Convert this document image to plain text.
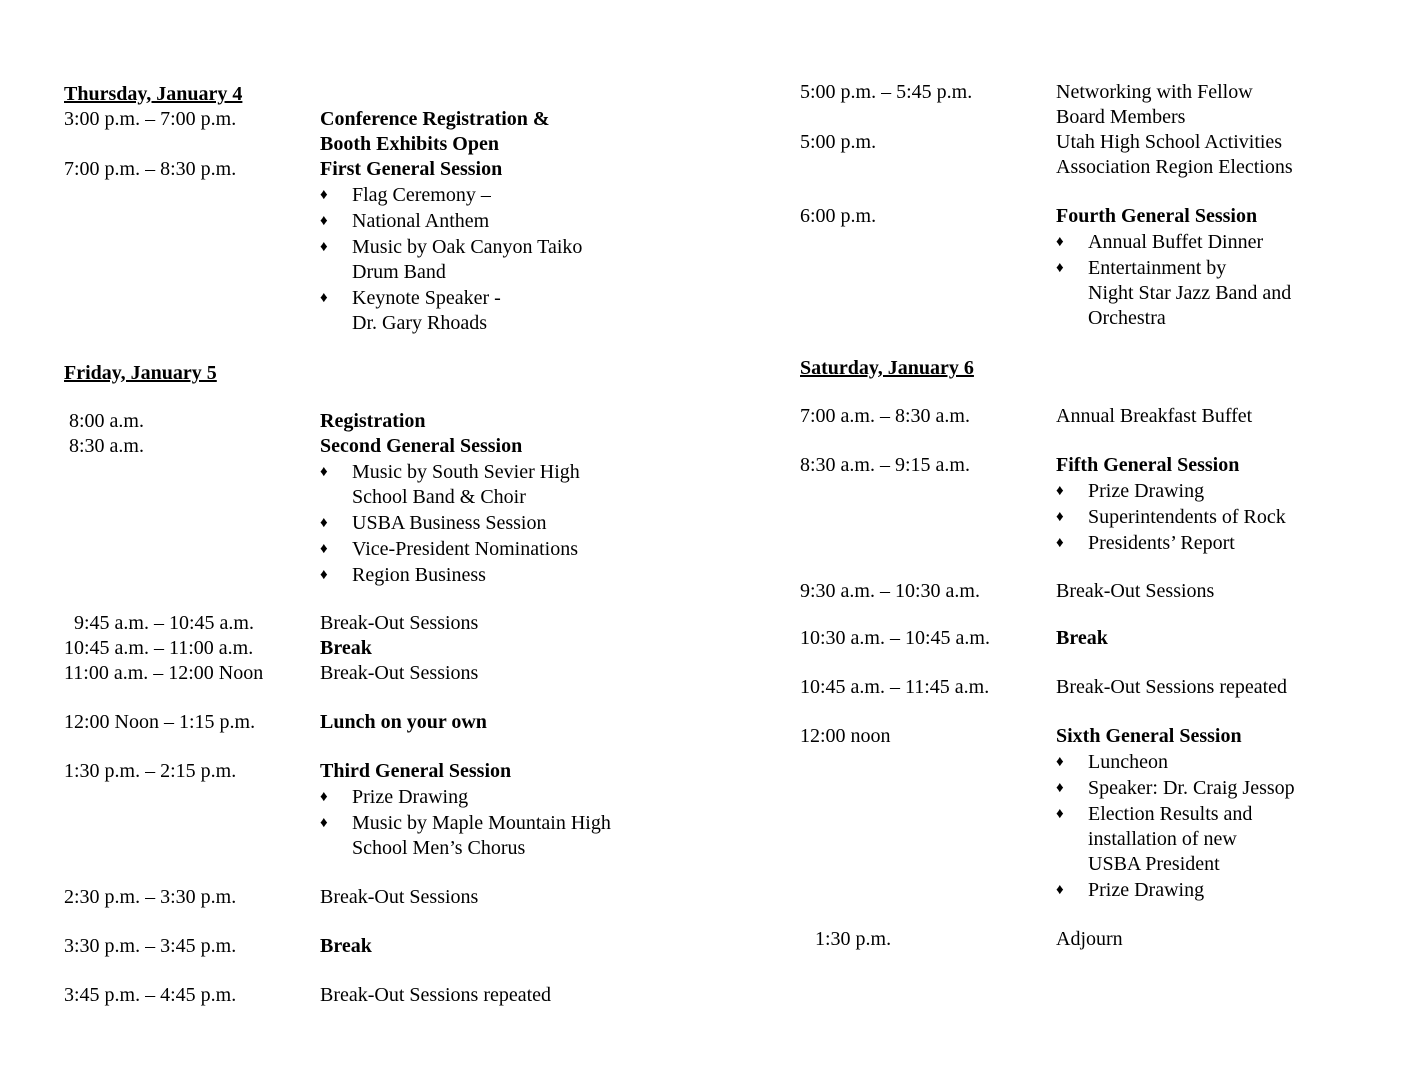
Thursday, January 4
3:00 p.m. – 7:00 p.m.	Conference Registration &
Booth Exhibits Open
7:00 p.m. – 8:30 p.m.	First General Session
♦ Flag Ceremony –
♦ National Anthem
♦ Music by Oak Canyon Taiko
Drum Band
♦ Keynote Speaker -
Dr. Gary Rhoads
Friday, January 5
8:00 a.m.	Registration
8:30 a.m.	Second General Session
♦ Music by South Sevier High
School Band & Choir
♦ USBA Business Session
♦ Vice-President Nominations
♦ Region Business
9:45 a.m. – 10:45 a.m.	Break-Out Sessions
10:45 a.m. – 11:00 a.m.	Break
11:00 a.m. – 12:00 Noon	Break-Out Sessions
12:00 Noon – 1:15 p.m.	Lunch on your own
1:30 p.m. – 2:15 p.m.	Third General Session
♦ Prize Drawing
♦ Music by Maple Mountain High
School Men’s Chorus
2:30 p.m. – 3:30 p.m.	Break-Out Sessions
3:30 p.m. – 3:45 p.m.	Break
3:45 p.m. – 4:45 p.m.	Break-Out Sessions repeated
5:00 p.m. – 5:45 p.m.	Networking with Fellow
Board Members
5:00 p.m.	Utah High School Activities
Association Region Elections
6:00 p.m.	Fourth General Session
♦ Annual Buffet Dinner
♦ Entertainment by
Night Star Jazz Band and
Orchestra
Saturday, January 6
7:00 a.m. – 8:30 a.m.	Annual Breakfast Buffet
8:30 a.m. – 9:15 a.m.	Fifth General Session
♦ Prize Drawing
♦ Superintendents of Rock
♦ Presidents’ Report
9:30 a.m. – 10:30 a.m.	Break-Out Sessions
10:30 a.m. – 10:45 a.m.	Break
10:45 a.m. – 11:45 a.m.	Break-Out Sessions repeated
12:00 noon	Sixth General Session
♦ Luncheon
♦ Speaker: Dr. Craig Jessop
♦ Election Results and
installation of new
USBA President
♦ Prize Drawing
1:30 p.m.	Adjourn
